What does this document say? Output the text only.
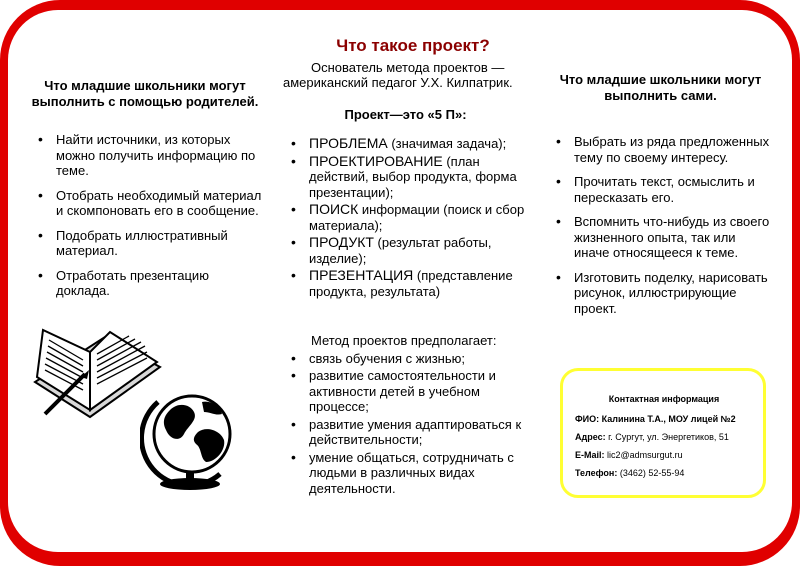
Что младшие школьники могут выполнить с помощью родителей.
• Найти источники, из которых можно получить информацию по теме.
• Отобрать необходимый материал и скомпоновать его в сообщение.
• Подобрать иллюстративный материал.
• Отработать презентацию доклада.
Что такое проект?
Основатель метода проектов — американский педагог У.Х. Килпатрик.
Проект—это «5 П»:
• ПРОБЛЕМА (значимая задача);
• ПРОЕКТИРОВАНИЕ (план действий, выбор продукта, форма презентации);
• ПОИСК информации (поиск и сбор материала);
• ПРОДУКТ (результат работы, изделие);
• ПРЕЗЕНТАЦИЯ (представление продукта, результата)
Метод проектов предполагает:
• связь обучения с жизнью;
• развитие самостоятельности и активности детей в учебном процессе;
• развитие умения адаптироваться к действительности;
• умение общаться, сотрудничать с людьми в различных видах деятельности.
Что младшие школьники могут выполнить сами.
• Выбрать из ряда предложенных тему по своему интересу.
• Прочитать текст, осмыслить и пересказать его.
• Вспомнить что-нибудь из своего жизненного опыта, так или иначе относящееся к теме.
• Изготовить поделку, нарисовать рисунок, иллюстрирующие проект.
Контактная информация
ФИО: Калинина Т.А., МОУ лицей №2
Адрес: г. Сургут, ул. Энергетиков, 51
E-Mail: lic2@admsurgut.ru
Телефон: (3462) 52-55-94
